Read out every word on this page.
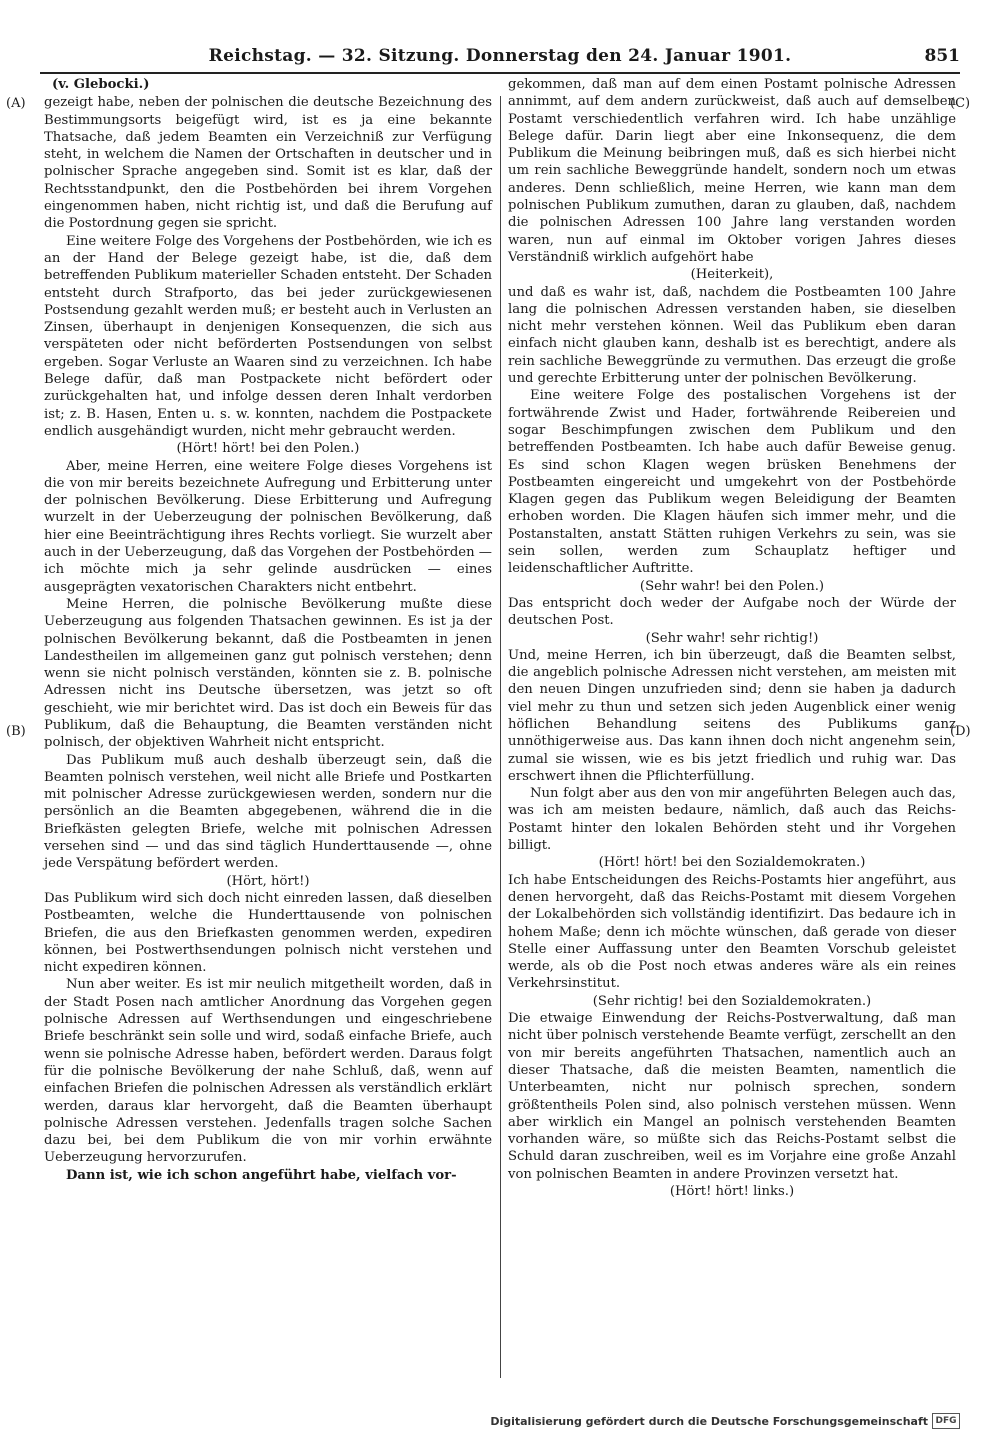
Reichstag. — 32. Sitzung. Donnerstag den 24. Januar 1901.	851
(A)
(B)
(C)
(D)
(v. Glebocki.)

gezeigt habe, neben der polnischen die deutsche Bezeichnung des Bestimmungsorts beigefügt wird, ist es ja eine bekannte Thatsache, daß jedem Beamten ein Verzeichniß zur Verfügung steht, in welchem die Namen der Ortschaften in deutscher und in polnischer Sprache angegeben sind. Somit ist es klar, daß der Rechtsstandpunkt, den die Postbehörden bei ihrem Vorgehen eingenommen haben, nicht richtig ist, und daß die Berufung auf die Postordnung gegen sie spricht.

Eine weitere Folge des Vorgehens der Postbehörden, wie ich es an der Hand der Belege gezeigt habe, ist die, daß dem betreffenden Publikum materieller Schaden entsteht. Der Schaden entsteht durch Strafporto, das bei jeder zurückgewiesenen Postsendung gezahlt werden muß; er besteht auch in Verlusten an Zinsen, überhaupt in denjenigen Konsequenzen, die sich aus verspäteten oder nicht beförderten Postsendungen von selbst ergeben. Sogar Verluste an Waaren sind zu verzeichnen. Ich habe Belege dafür, daß man Postpackete nicht befördert oder zurückgehalten hat, und infolge dessen deren Inhalt verdorben ist; z. B. Hasen, Enten u. s. w. konnten, nachdem die Postpackete endlich ausgehändigt wurden, nicht mehr gebraucht werden.

(Hört! hört! bei den Polen.)

Aber, meine Herren, eine weitere Folge dieses Vorgehens ist die von mir bereits bezeichnete Aufregung und Erbitterung unter der polnischen Bevölkerung. Diese Erbitterung und Aufregung wurzelt in der Ueberzeugung der polnischen Bevölkerung, daß hier eine Beeinträchtigung ihres Rechts vorliegt. Sie wurzelt aber auch in der Ueberzeugung, daß das Vorgehen der Postbehörden — ich möchte mich ja sehr gelinde ausdrücken — eines ausgeprägten vexatorischen Charakters nicht entbehrt.

Meine Herren, die polnische Bevölkerung mußte diese Ueberzeugung aus folgenden Thatsachen gewinnen. Es ist ja der polnischen Bevölkerung bekannt, daß die Postbeamten in jenen Landestheilen im allgemeinen ganz gut polnisch verstehen; denn wenn sie nicht polnisch verständen, könnten sie z. B. polnische Adressen nicht ins Deutsche übersetzen, was jetzt so oft geschieht, wie mir berichtet wird. Das ist doch ein Beweis für das Publikum, daß die Behauptung, die Beamten verständen nicht polnisch, der objektiven Wahrheit nicht entspricht.

Das Publikum muß auch deshalb überzeugt sein, daß die Beamten polnisch verstehen, weil nicht alle Briefe und Postkarten mit polnischer Adresse zurückgewiesen werden, sondern nur die persönlich an die Beamten abgegebenen, während die in die Briefkästen gelegten Briefe, welche mit polnischen Adressen versehen sind — und das sind täglich Hunderttausende —, ohne jede Verspätung befördert werden.

(Hört, hört!)

Das Publikum wird sich doch nicht einreden lassen, daß dieselben Postbeamten, welche die Hunderttausende von polnischen Briefen, die aus den Briefkasten genommen werden, expediren können, bei Postwerthsendungen polnisch nicht verstehen und nicht expediren können.

Nun aber weiter. Es ist mir neulich mitgetheilt worden, daß in der Stadt Posen nach amtlicher Anordnung das Vorgehen gegen polnische Adressen auf Werthsendungen und eingeschriebene Briefe beschränkt sein solle und wird, sodaß einfache Briefe, auch wenn sie polnische Adresse haben, befördert werden. Daraus folgt für die polnische Bevölkerung der nahe Schluß, daß, wenn auf einfachen Briefen die polnischen Adressen als verständlich erklärt werden, daraus klar hervorgeht, daß die Beamten überhaupt polnische Adressen verstehen. Jedenfalls tragen solche Sachen dazu bei, bei dem Publikum die von mir vorhin erwähnte Ueberzeugung hervorzurufen.

Dann ist, wie ich schon angeführt habe, vielfach vor-

gekommen, daß man auf dem einen Postamt polnische Adressen annimmt, auf dem andern zurückweist, daß auch auf demselben Postamt verschiedentlich verfahren wird. Ich habe unzählige Belege dafür. Darin liegt aber eine Inkonsequenz, die dem Publikum die Meinung beibringen muß, daß es sich hierbei nicht um rein sachliche Beweggründe handelt, sondern noch um etwas anderes. Denn schließlich, meine Herren, wie kann man dem polnischen Publikum zumuthen, daran zu glauben, daß, nachdem die polnischen Adressen 100 Jahre lang verstanden worden waren, nun auf einmal im Oktober vorigen Jahres dieses Verständniß wirklich aufgehört habe

(Heiterkeit),

und daß es wahr ist, daß, nachdem die Postbeamten 100 Jahre lang die polnischen Adressen verstanden haben, sie dieselben nicht mehr verstehen können. Weil das Publikum eben daran einfach nicht glauben kann, deshalb ist es berechtigt, andere als rein sachliche Beweggründe zu vermuthen. Das erzeugt die große und gerechte Erbitterung unter der polnischen Bevölkerung.

Eine weitere Folge des postalischen Vorgehens ist der fortwährende Zwist und Hader, fortwährende Reibereien und sogar Beschimpfungen zwischen dem Publikum und den betreffenden Postbeamten. Ich habe auch dafür Beweise genug. Es sind schon Klagen wegen brüsken Benehmens der Postbeamten eingereicht und umgekehrt von der Postbehörde Klagen gegen das Publikum wegen Beleidigung der Beamten erhoben worden. Die Klagen häufen sich immer mehr, und die Postanstalten, anstatt Stätten ruhigen Verkehrs zu sein, was sie sein sollen, werden zum Schauplatz heftiger und leidenschaftlicher Auftritte.

(Sehr wahr! bei den Polen.)

Das entspricht doch weder der Aufgabe noch der Würde der deutschen Post.

(Sehr wahr! sehr richtig!)

Und, meine Herren, ich bin überzeugt, daß die Beamten selbst, die angeblich polnische Adressen nicht verstehen, am meisten mit den neuen Dingen unzufrieden sind; denn sie haben ja dadurch viel mehr zu thun und setzen sich jeden Augenblick einer wenig höflichen Behandlung seitens des Publikums ganz unnöthigerweise aus. Das kann ihnen doch nicht angenehm sein, zumal sie wissen, wie es bis jetzt friedlich und ruhig war. Das erschwert ihnen die Pflichterfüllung.

Nun folgt aber aus den von mir angeführten Belegen auch das, was ich am meisten bedaure, nämlich, daß auch das Reichs-Postamt hinter den lokalen Behörden steht und ihr Vorgehen billigt.

(Hört! hört! bei den Sozialdemokraten.)

Ich habe Entscheidungen des Reichs-Postamts hier angeführt, aus denen hervorgeht, daß das Reichs-Postamt mit diesem Vorgehen der Lokalbehörden sich vollständig identifizirt. Das bedaure ich in hohem Maße; denn ich möchte wünschen, daß gerade von dieser Stelle einer Auffassung unter den Beamten Vorschub geleistet werde, als ob die Post noch etwas anderes wäre als ein reines Verkehrsinstitut.

(Sehr richtig! bei den Sozialdemokraten.)

Die etwaige Einwendung der Reichs-Postverwaltung, daß man nicht über polnisch verstehende Beamte verfügt, zerschellt an den von mir bereits angeführten Thatsachen, namentlich auch an dieser Thatsache, daß die meisten Beamten, namentlich die Unterbeamten, nicht nur polnisch sprechen, sondern größtentheils Polen sind, also polnisch verstehen müssen. Wenn aber wirklich ein Mangel an polnisch verstehenden Beamten vorhanden wäre, so müßte sich das Reichs-Postamt selbst die Schuld daran zuschreiben, weil es im Vorjahre eine große Anzahl von polnischen Beamten in andere Provinzen versetzt hat.

(Hört! hört! links.)

Digitalisierung gefördert durch die Deutsche Forschungsgemeinschaft DFG
